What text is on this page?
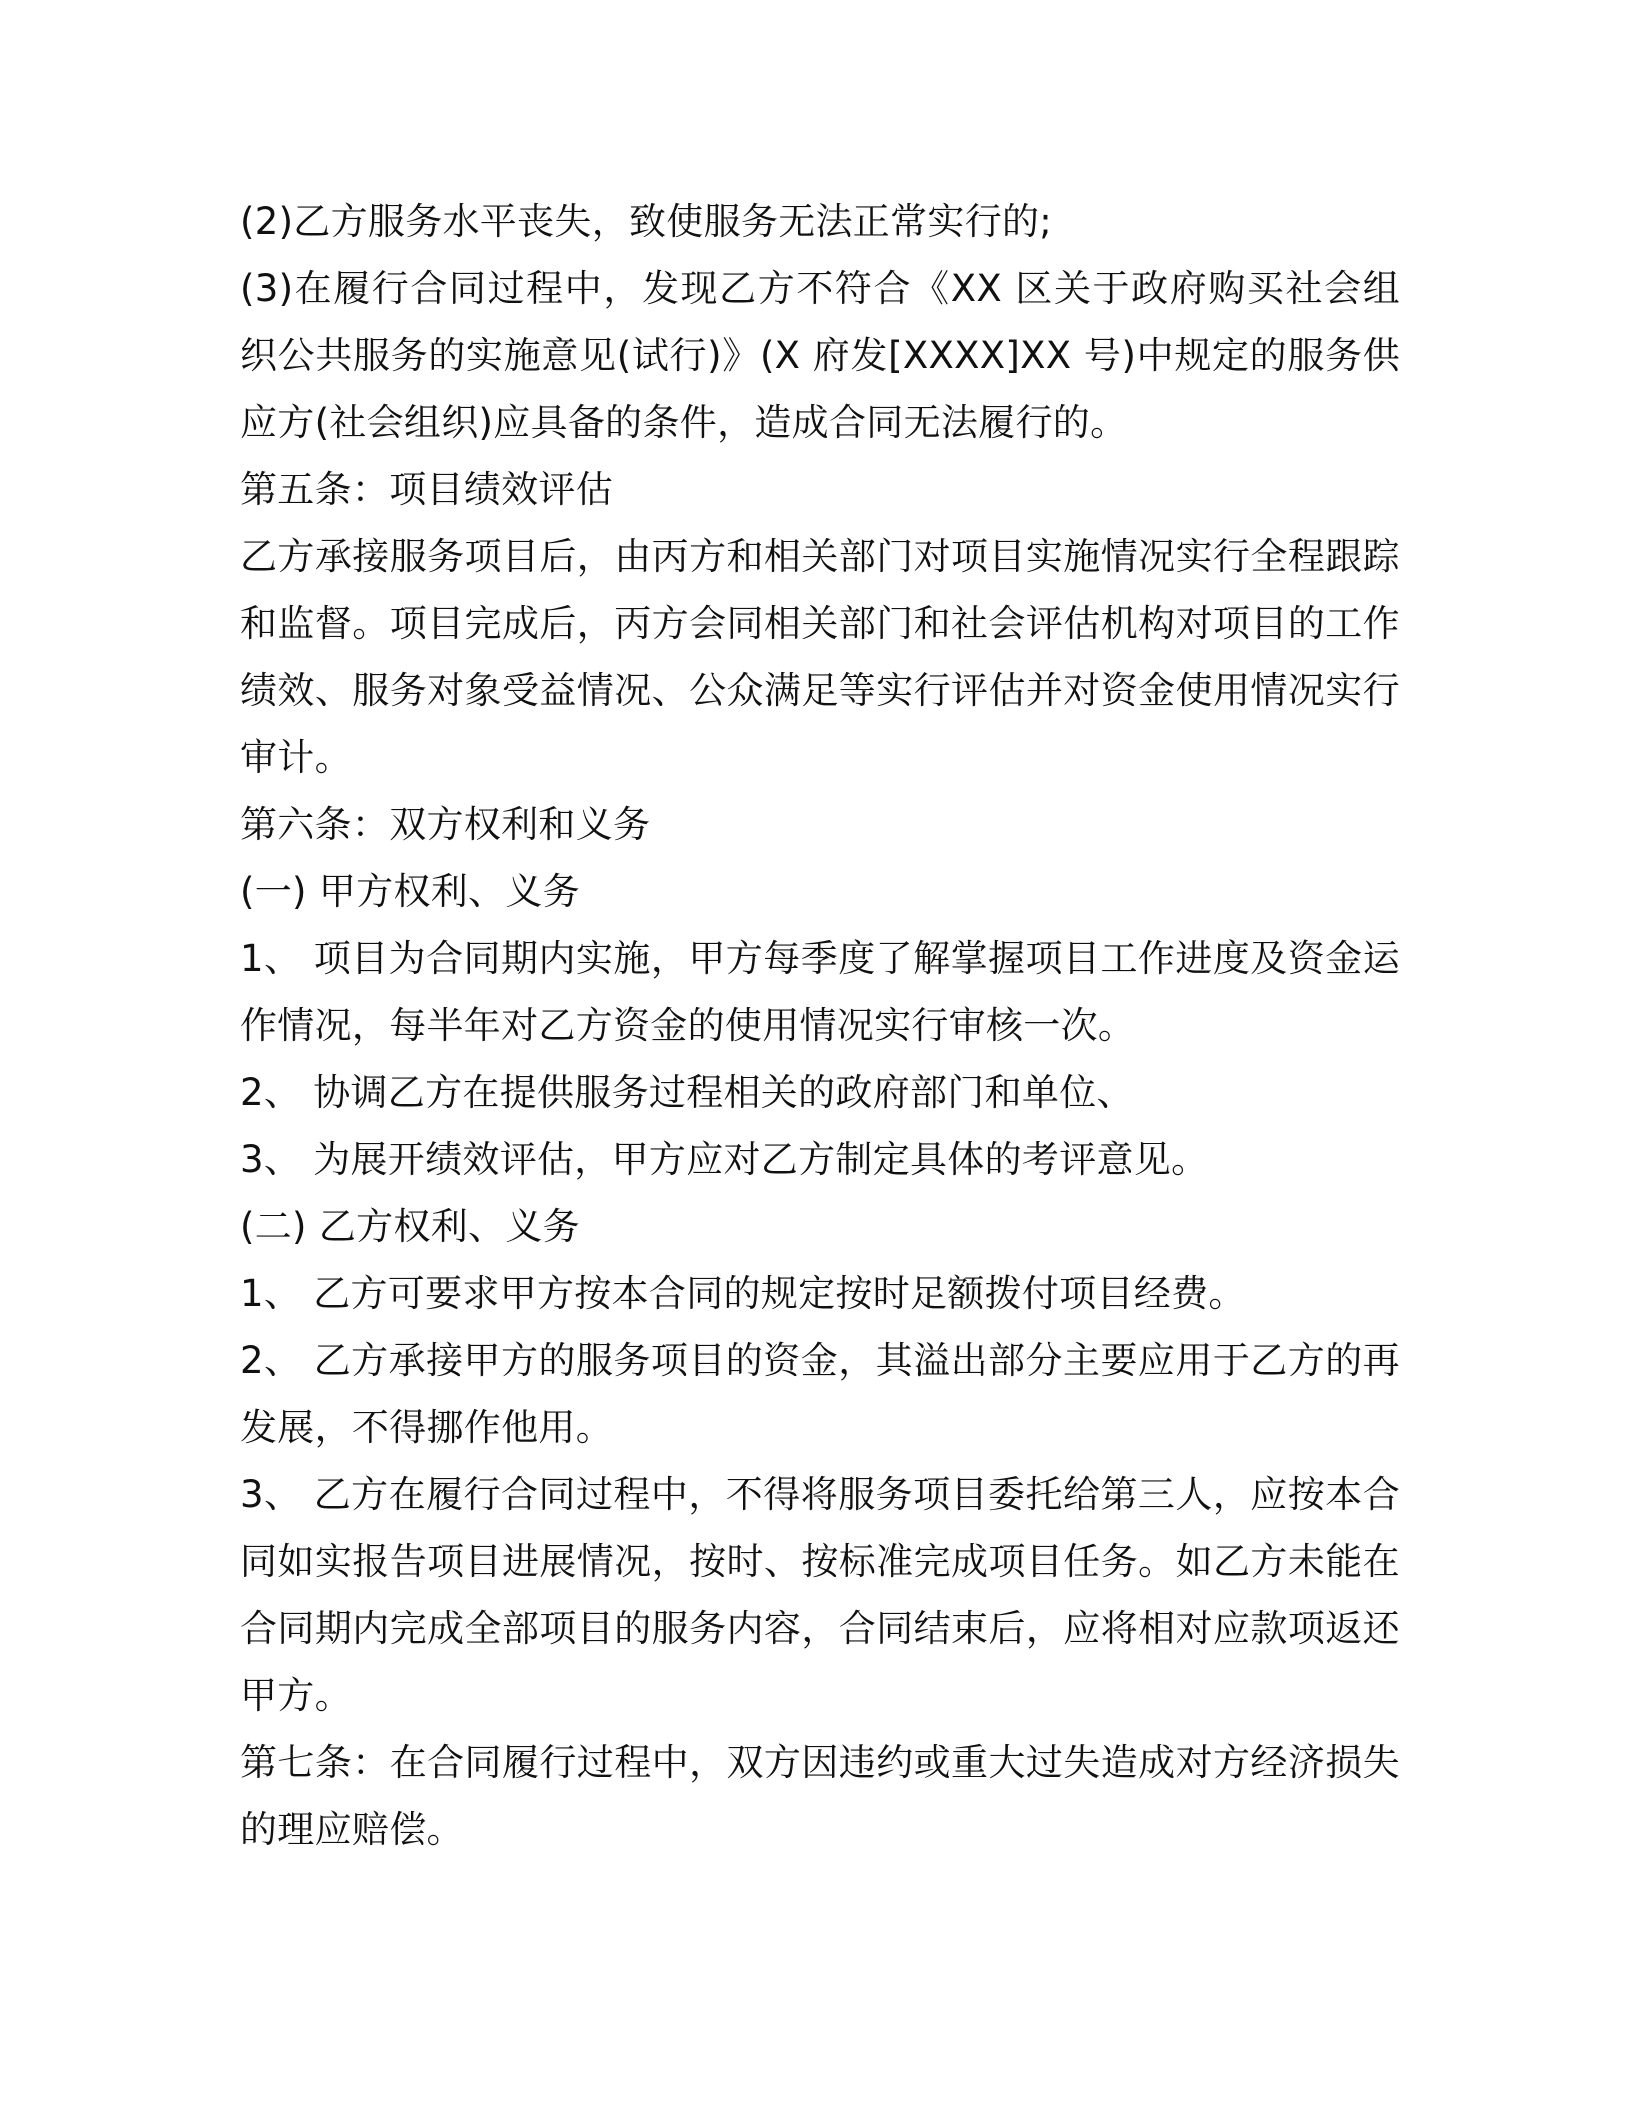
(2)乙方服务水平丧失，致使服务无法正常实行的;

(3)在履行合同过程中，发现乙方不符合《XX 区关于政府购买社会组织公共服务的实施意见(试行)》(X 府发[XXXX]XX 号)中规定的服务供应方(社会组织)应具备的条件，造成合同无法履行的。

第五条：项目绩效评估

乙方承接服务项目后，由丙方和相关部门对项目实施情况实行全程跟踪和监督。项目完成后，丙方会同相关部门和社会评估机构对项目的工作绩效、服务对象受益情况、公众满足等实行评估并对资金使用情况实行审计。

第六条：双方权利和义务

(一) 甲方权利、义务

1、 项目为合同期内实施，甲方每季度了解掌握项目工作进度及资金运作情况，每半年对乙方资金的使用情况实行审核一次。

2、 协调乙方在提供服务过程相关的政府部门和单位、

3、 为展开绩效评估，甲方应对乙方制定具体的考评意见。

(二) 乙方权利、义务

1、 乙方可要求甲方按本合同的规定按时足额拨付项目经费。

2、 乙方承接甲方的服务项目的资金，其溢出部分主要应用于乙方的再发展，不得挪作他用。

3、 乙方在履行合同过程中，不得将服务项目委托给第三人，应按本合同如实报告项目进展情况，按时、按标准完成项目任务。如乙方未能在合同期内完成全部项目的服务内容，合同结束后，应将相对应款项返还甲方。

第七条：在合同履行过程中，双方因违约或重大过失造成对方经济损失的理应赔偿。
